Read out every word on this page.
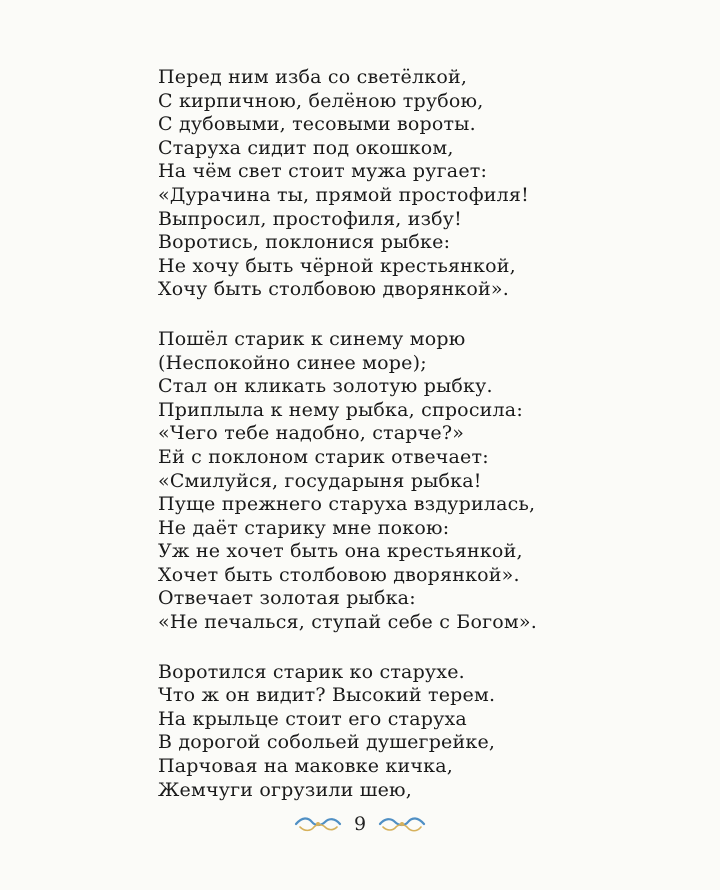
Перед ним изба со светёлкой,
С кирпичною, белёною трубою,
С дубовыми, тесовыми вороты.
Старуха сидит под окошком,
На чём свет стоит мужа ругает:
«Дурачина ты, прямой простофиля!
Выпросил, простофиля, избу!
Воротись, поклонися рыбке:
Не хочу быть чёрной крестьянкой,
Хочу быть столбовою дворянкой».
Пошёл старик к синему морю
(Неспокойно синее море);
Стал он кликать золотую рыбку.
Приплыла к нему рыбка, спросила:
«Чего тебе надобно, старче?»
Ей с поклоном старик отвечает:
«Смилуйся, государыня рыбка!
Пуще прежнего старуха вздурилась,
Не даёт старику мне покою:
Уж не хочет быть она крестьянкой,
Хочет быть столбовою дворянкой».
Отвечает золотая рыбка:
«Не печалься, ступай себе с Богом».
Воротился старик ко старухе.
Что ж он видит? Высокий терем.
На крыльце стоит его старуха
В дорогой собольей душегрейке,
Парчовая на маковке кичка,
Жемчуги огрузили шею,
9
